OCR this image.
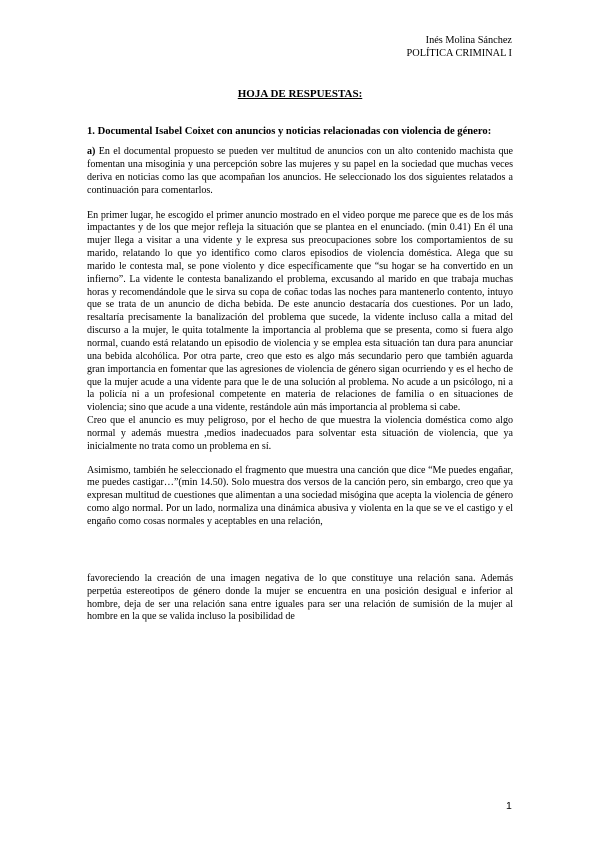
Inés Molina Sánchez
POLÍTICA CRIMINAL I
HOJA DE RESPUESTAS:

1. Documental Isabel Coixet con anuncios y noticias relacionadas con violencia de género:

a) En el documental propuesto se pueden ver multitud de anuncios con un alto contenido machista que fomentan una misoginia y una percepción sobre las mujeres y su papel en la sociedad que muchas veces deriva en noticias como las que acompañan los anuncios. He seleccionado los dos siguientes relatados a continuación para comentarlos.

En primer lugar, he escogido el primer anuncio mostrado en el video porque me parece que es de los más impactantes y de los que mejor refleja la situación que se plantea en el enunciado. (min 0.41) En él una mujer llega a visitar a una vidente y le expresa sus preocupaciones sobre los comportamientos de su marido, relatando lo que yo identifico como claros episodios de violencia doméstica. Alega que su marido le contesta mal, se pone violento y dice específicamente que “su hogar se ha convertido en un infierno”. La vidente le contesta banalizando el problema, excusando al marido en que trabaja muchas horas y recomendándole que le sirva su copa de coñac todas las noches para mantenerlo contento, intuyo que se trata de un anuncio de dicha bebida. De este anuncio destacaría dos cuestiones. Por un lado, resaltaría precisamente la banalización del problema que sucede, la vidente incluso calla a mitad del discurso a la mujer, le quita totalmente la importancia al problema que se presenta, como si fuera algo normal, cuando está relatando un episodio de violencia y se emplea esta situación tan dura para anunciar una bebida alcohólica. Por otra parte, creo que esto es algo más secundario pero que también aguarda gran importancia en fomentar que las agresiones de violencia de género sigan ocurriendo y es el hecho de que la mujer acude a una vidente para que le de una solución al problema. No acude a un psicólogo, ni a la policía ni a un profesional competente en materia de relaciones de familia o en situaciones de violencia; sino que acude a una vidente, restándole aún más importancia al problema si cabe.

Creo que el anuncio es muy peligroso, por el hecho de que muestra la violencia doméstica como algo normal y además muestra ,medios inadecuados para solventar esta situación de violencia, que ya inicialmente no trata como un problema en sí.

Asimismo, también he seleccionado el fragmento que muestra una canción que dice “Me puedes engañar, me puedes castigar…”(min 14.50). Solo muestra dos versos de la canción pero, sin embargo, creo que ya expresan multitud de cuestiones que alimentan a una sociedad misógina que acepta la violencia de género como algo normal. Por un lado, normaliza una dinámica abusiva y violenta en la que se ve el castigo y el engaño como cosas normales y aceptables en una relación,

favoreciendo la creación de una imagen negativa de lo que constituye una relación sana. Además perpetúa estereotipos de género donde la mujer se encuentra en una posición desigual e inferior al hombre, deja de ser una relación sana entre iguales para ser una relación de sumisión de la mujer al hombre en la que se valida incluso la posibilidad de

1
